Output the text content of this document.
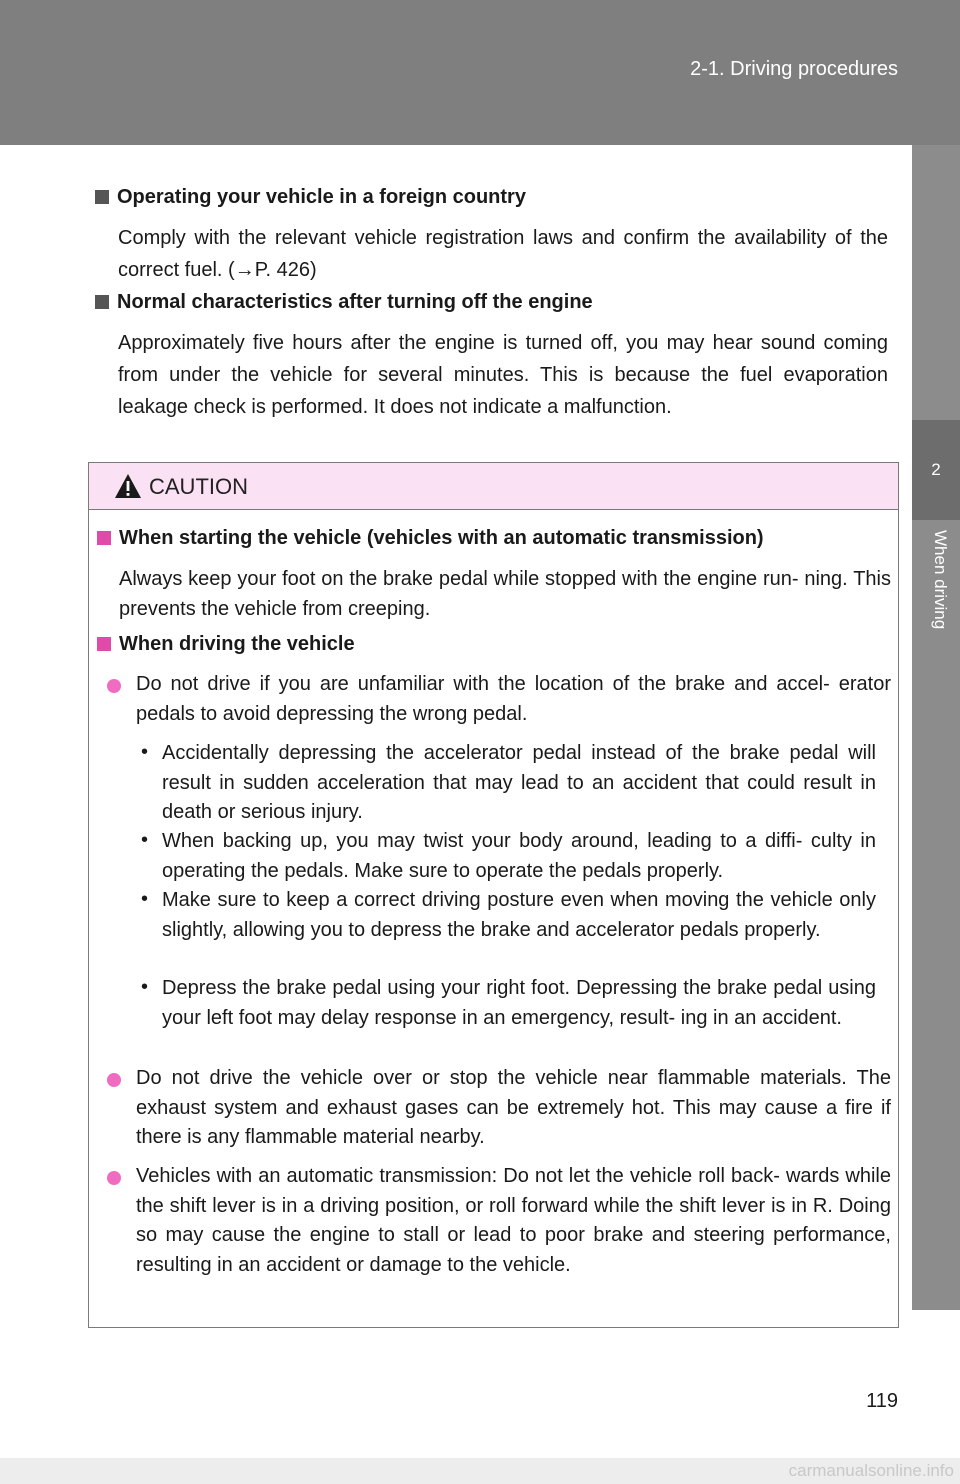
2-1. Driving procedures
2
When driving
Operating your vehicle in a foreign country
Comply with the relevant vehicle registration laws and confirm the availability of the correct fuel. (→P. 426)
Normal characteristics after turning off the engine
Approximately five hours after the engine is turned off, you may hear sound coming from under the vehicle for several minutes. This is because the fuel evaporation leakage check is performed. It does not indicate a malfunction.
CAUTION
When starting the vehicle (vehicles with an automatic transmission)
Always keep your foot on the brake pedal while stopped with the engine run- ning. This prevents the vehicle from creeping.
When driving the vehicle
Do not drive if you are unfamiliar with the location of the brake and accel- erator pedals to avoid depressing the wrong pedal.
• Accidentally depressing the accelerator pedal instead of the brake pedal will result in sudden acceleration that may lead to an accident that could result in death or serious injury.
• When backing up, you may twist your body around, leading to a diffi- culty in operating the pedals. Make sure to operate the pedals properly.
• Make sure to keep a correct driving posture even when moving the vehicle only slightly, allowing you to depress the brake and accelerator pedals properly.
• Depress the brake pedal using your right foot. Depressing the brake pedal using your left foot may delay response in an emergency, result- ing in an accident.
Do not drive the vehicle over or stop the vehicle near flammable materials. The exhaust system and exhaust gases can be extremely hot. This may cause a fire if there is any flammable material nearby.
Vehicles with an automatic transmission: Do not let the vehicle roll back- wards while the shift lever is in a driving position, or roll forward while the shift lever is in R. Doing so may cause the engine to stall or lead to poor brake and steering performance, resulting in an accident or damage to the vehicle.
119
carmanualsonline.info
